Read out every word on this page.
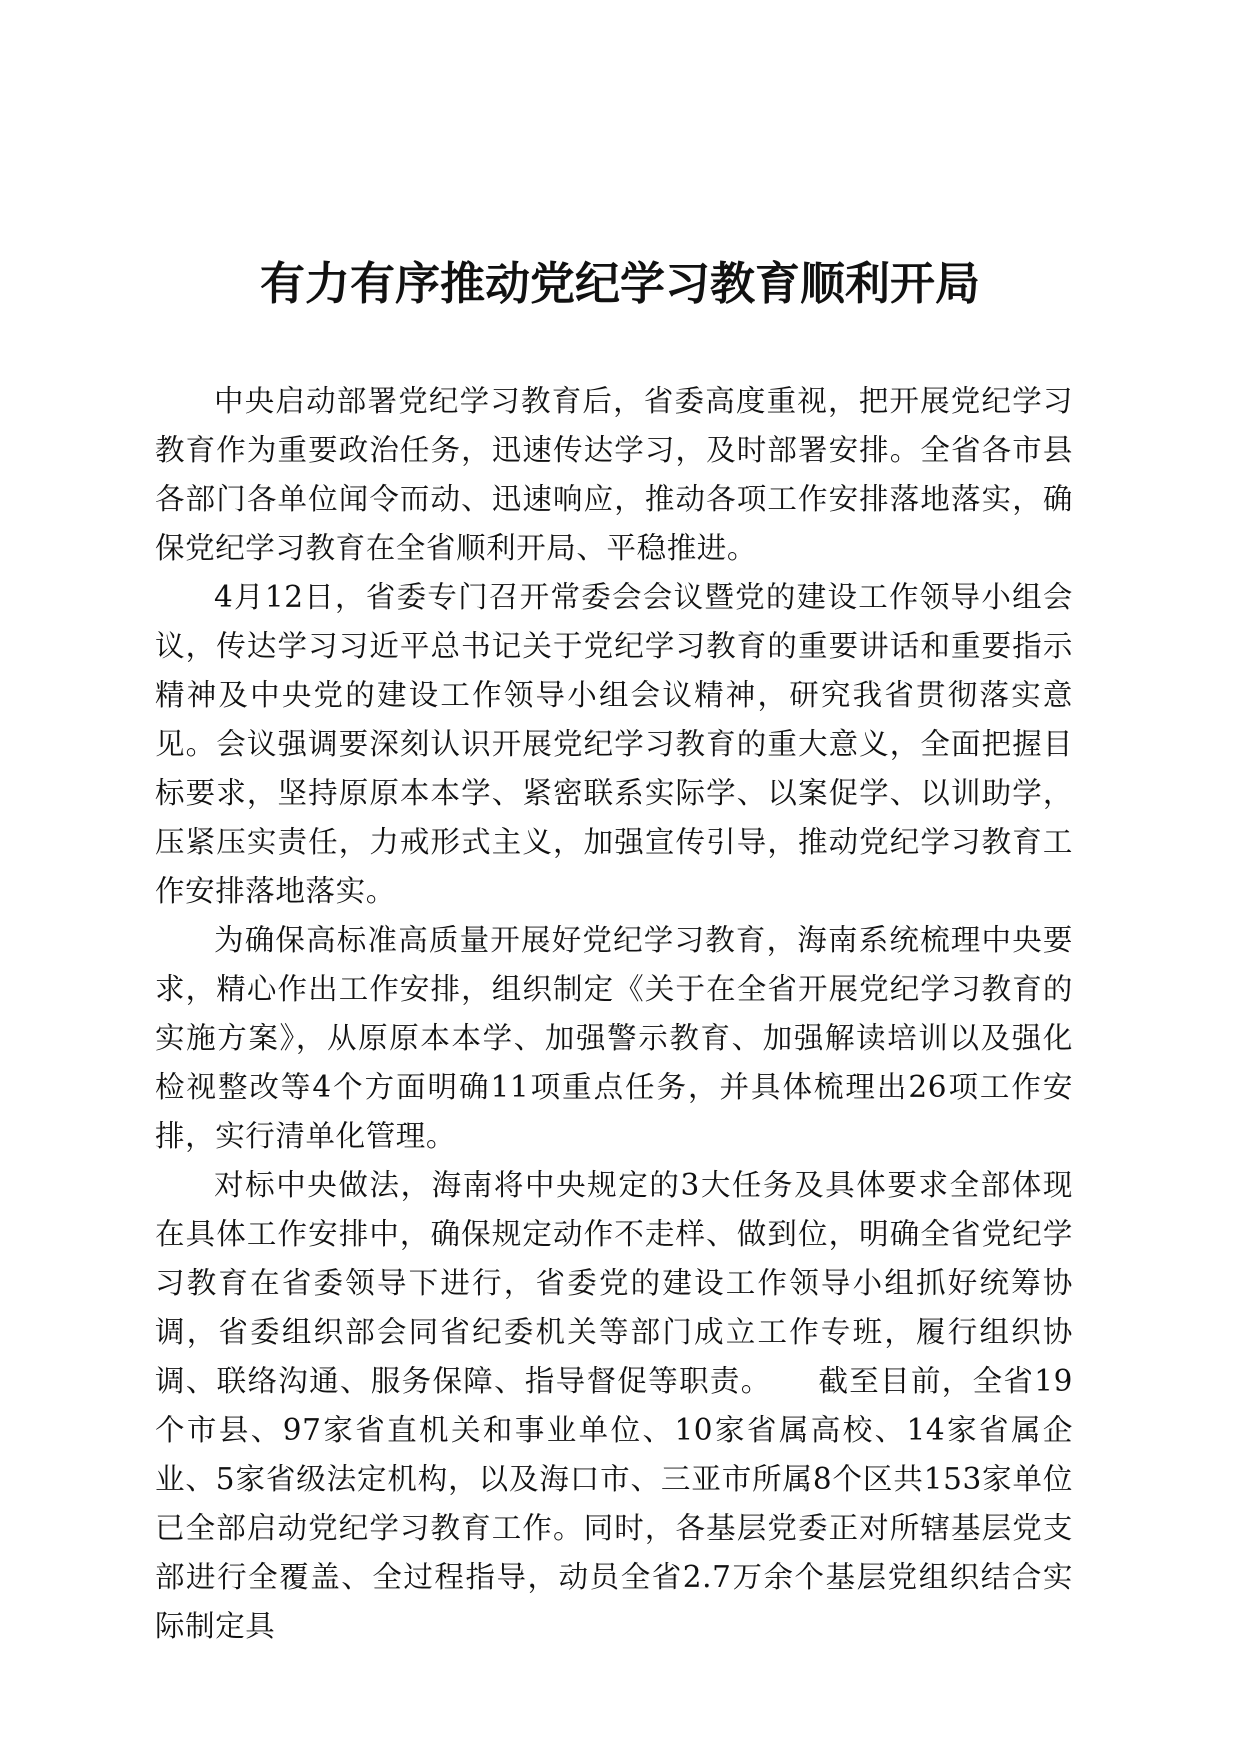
有力有序推动党纪学习教育顺利开局

中央启动部署党纪学习教育后，省委高度重视，把开展党纪学习教育作为重要政治任务，迅速传达学习，及时部署安排。全省各市县各部门各单位闻令而动、迅速响应，推动各项工作安排落地落实，确保党纪学习教育在全省顺利开局、平稳推进。

4月12日，省委专门召开常委会会议暨党的建设工作领导小组会议，传达学习习近平总书记关于党纪学习教育的重要讲话和重要指示精神及中央党的建设工作领导小组会议精神，研究我省贯彻落实意见。会议强调要深刻认识开展党纪学习教育的重大意义，全面把握目标要求，坚持原原本本学、紧密联系实际学、以案促学、以训助学，压紧压实责任，力戒形式主义，加强宣传引导，推动党纪学习教育工作安排落地落实。

为确保高标准高质量开展好党纪学习教育，海南系统梳理中央要求，精心作出工作安排，组织制定《关于在全省开展党纪学习教育的实施方案》，从原原本本学、加强警示教育、加强解读培训以及强化检视整改等4个方面明确11项重点任务，并具体梳理出26项工作安排，实行清单化管理。

对标中央做法，海南将中央规定的3大任务及具体要求全部体现在具体工作安排中，确保规定动作不走样、做到位，明确全省党纪学习教育在省委领导下进行，省委党的建设工作领导小组抓好统筹协调，省委组织部会同省纪委机关等部门成立工作专班，履行组织协调、联络沟通、服务保障、指导督促等职责。　　截至目前，全省19个市县、97家省直机关和事业单位、10家省属高校、14家省属企业、5家省级法定机构，以及海口市、三亚市所属8个区共153家单位已全部启动党纪学习教育工作。同时，各基层党委正对所辖基层党支部进行全覆盖、全过程指导，动员全省2.7万余个基层党组织结合实际制定具
